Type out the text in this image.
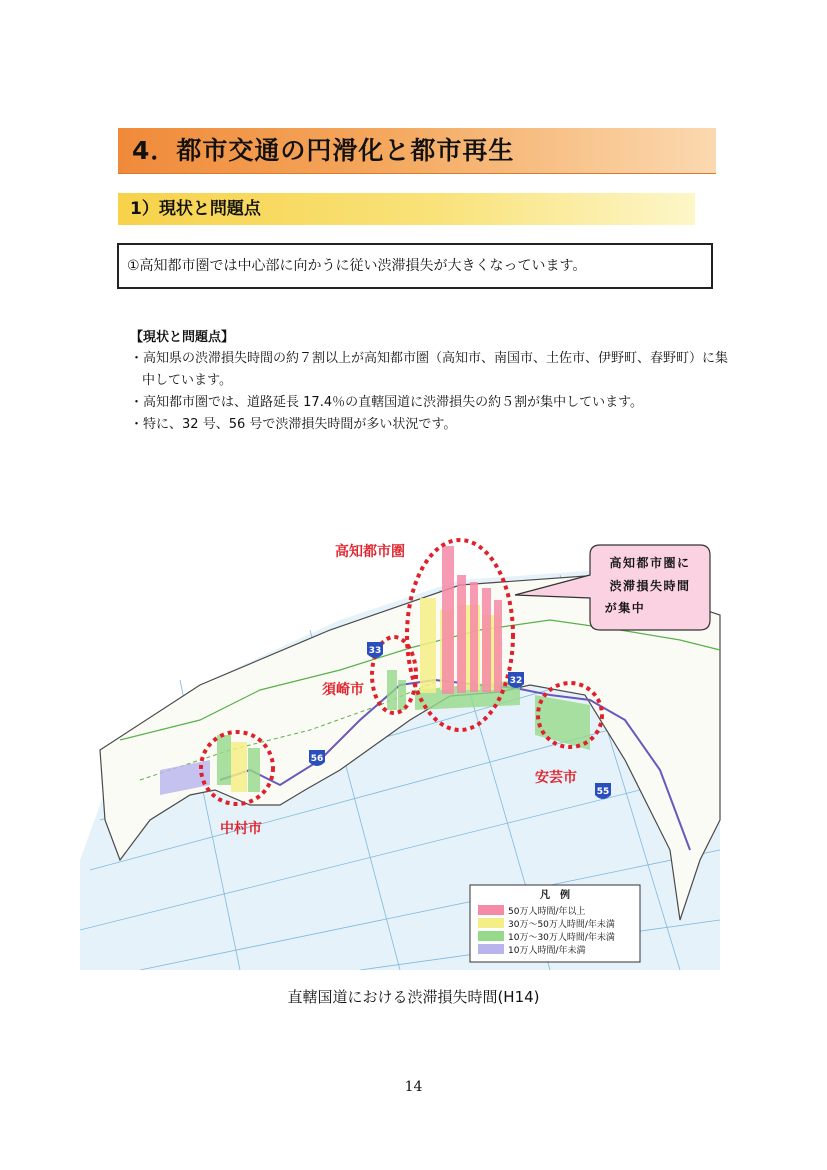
4．都市交通の円滑化と都市再生
1）現状と問題点
①高知都市圏では中心部に向かうに従い渋滞損失が大きくなっています。
【現状と問題点】
・ 高知県の渋滞損失時間の約７割以上が高知都市圏（高知市、南国市、土佐市、伊野町、春野町）に集中しています。
・ 高知都市圏では、道路延長 17.4％の直轄国道に渋滞損失の約５割が集中しています。
・ 特に、32 号、56 号で渋滞損失時間が多い状況です。
高知都市圏に
渋滞損失時間
が集中
高知都市圏
須崎市
安芸市
中村市
33
32
56
55
凡　例
50万人時間/年以上
30万～50万人時間/年未満
10万～30万人時間/年未満
10万人時間/年未満
直轄国道における渋滞損失時間(H14)
14
